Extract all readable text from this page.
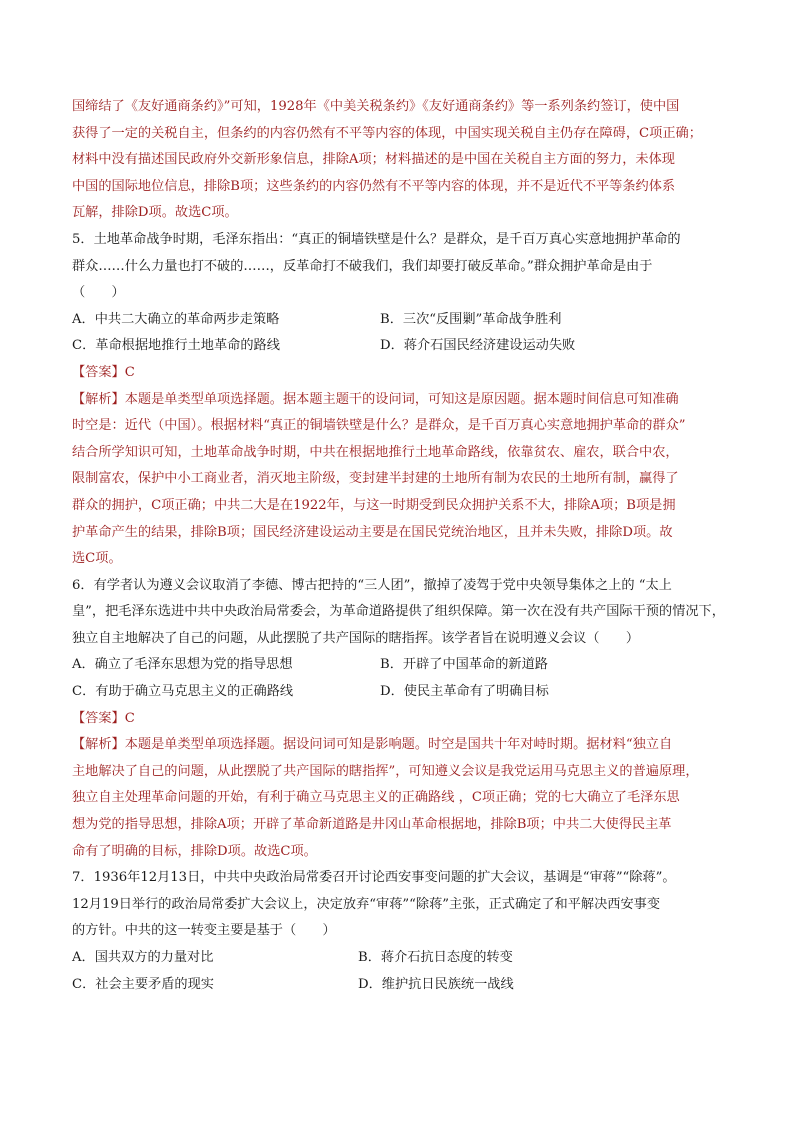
国缔结了《友好通商条约》”可知，1928年《中美关税条约》《友好通商条约》等一系列条约签订，使中国
获得了一定的关税自主，但条约的内容仍然有不平等内容的体现，中国实现关税自主仍存在障碍，C项正确；
材料中没有描述国民政府外交新形象信息，排除A项；材料描述的是中国在关税自主方面的努力，未体现
中国的国际地位信息，排除B项；这些条约的内容仍然有不平等内容的体现，并不是近代不平等条约体系
瓦解，排除D项。故选C项。
5．土地革命战争时期，毛泽东指出：“真正的铜墙铁壁是什么？是群众，是千百万真心实意地拥护革命的
群众……什么力量也打不破的……，反革命打不破我们，我们却要打破反革命。”群众拥护革命是由于
（　　）
A．中共二大确立的革命两步走策略	B．三次“反围剿”革命战争胜利
C．革命根据地推行土地革命的路线	D．蒋介石国民经济建设运动失败
【答案】C
【解析】本题是单类型单项选择题。据本题主题干的设问词，可知这是原因题。据本题时间信息可知准确
时空是：近代（中国）。根据材料“真正的铜墙铁壁是什么？是群众，是千百万真心实意地拥护革命的群众”
结合所学知识可知，土地革命战争时期，中共在根据地推行土地革命路线，依靠贫农、雇农，联合中农，
限制富农，保护中小工商业者，消灭地主阶级，变封建半封建的土地所有制为农民的土地所有制，赢得了
群众的拥护，C项正确；中共二大是在1922年，与这一时期受到民众拥护关系不大，排除A项；B项是拥
护革命产生的结果，排除B项；国民经济建设运动主要是在国民党统治地区，且并未失败，排除D项。故
选C项。
6．有学者认为遵义会议取消了李德、博古把持的“三人团”，撤掉了凌驾于党中央领导集体之上的 “太上
皇”，把毛泽东选进中共中央政治局常委会，为革命道路提供了组织保障。第一次在没有共产国际干预的情况下，
独立自主地解决了自己的问题，从此摆脱了共产国际的瞎指挥。该学者旨在说明遵义会议（　　）
A．确立了毛泽东思想为党的指导思想	B．开辟了中国革命的新道路
C．有助于确立马克思主义的正确路线	D．使民主革命有了明确目标
【答案】C
【解析】本题是单类型单项选择题。据设问词可知是影响题。时空是国共十年对峙时期。据材料“独立自
主地解决了自己的问题，从此摆脱了共产国际的瞎指挥”，可知遵义会议是我党运用马克思主义的普遍原理，
独立自主处理革命问题的开始，有利于确立马克思主义的正确路线 ，C项正确；党的七大确立了毛泽东思
想为党的指导思想，排除A项；开辟了革命新道路是井冈山革命根据地，排除B项；中共二大使得民主革
命有了明确的目标，排除D项。故选C项。
7．1936年12月13日，中共中央政治局常委召开讨论西安事变问题的扩大会议，基调是“审蒋”“除蒋”。
12月19日举行的政治局常委扩大会议上，决定放弃“审蒋”“除蒋”主张，正式确定了和平解决西安事变
的方针。中共的这一转变主要是基于（　　）
A．国共双方的力量对比	B．蒋介石抗日态度的转变
C．社会主要矛盾的现实	D．维护抗日民族统一战线
